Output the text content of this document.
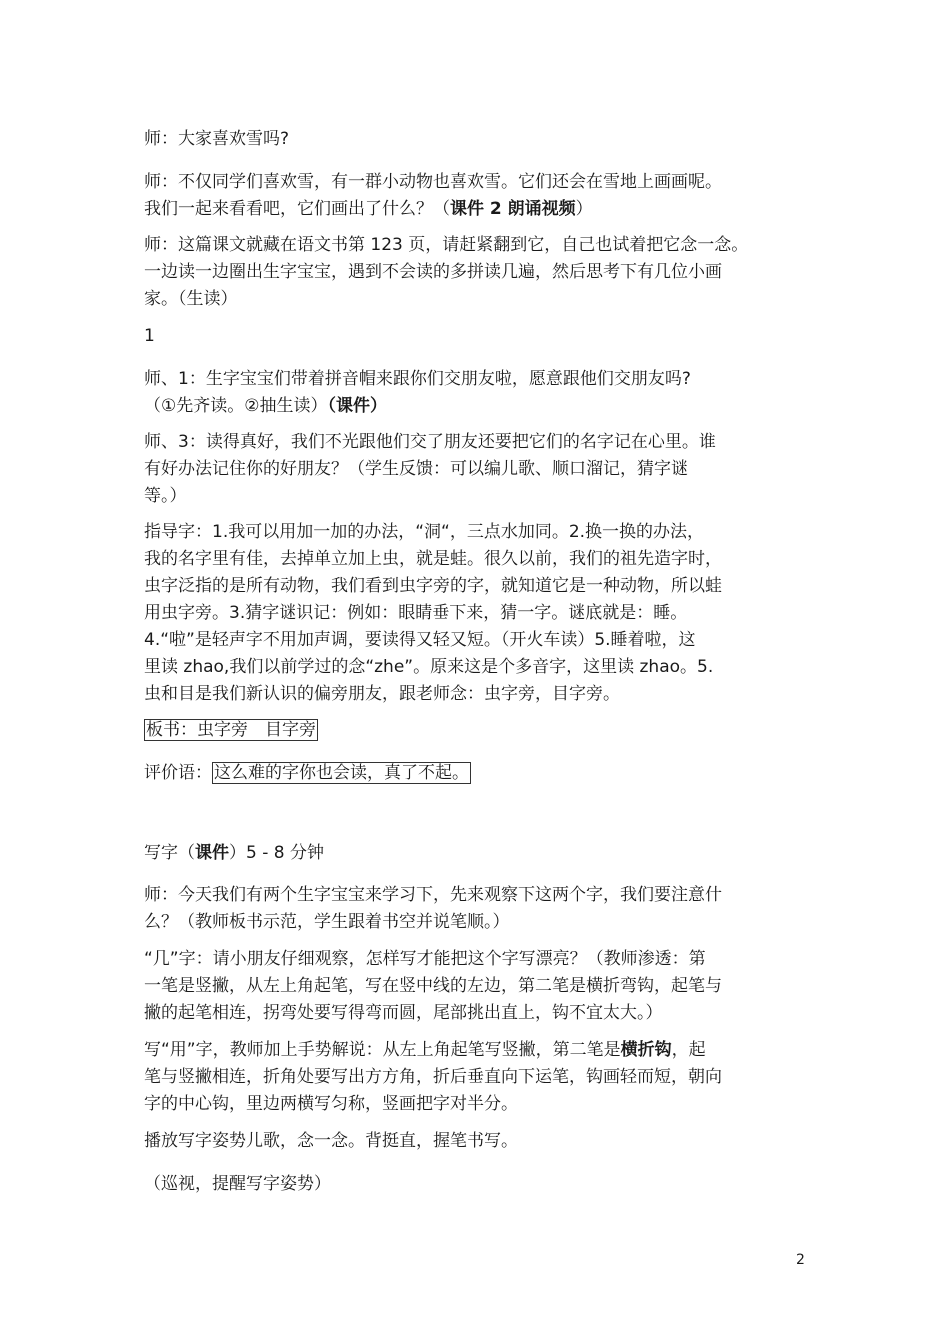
师：大家喜欢雪吗?

师：不仅同学们喜欢雪，有一群小动物也喜欢雪。它们还会在雪地上画画呢。
我们一起来看看吧，它们画出了什么？（课件 2 朗诵视频）

师：这篇课文就藏在语文书第 123 页，请赶紧翻到它，自己也试着把它念一念。
一边读一边圈出生字宝宝，遇到不会读的多拼读几遍，然后思考下有几位小画
家。（生读）

1

师、1：生字宝宝们带着拼音帽来跟你们交朋友啦，愿意跟他们交朋友吗?
（①先齐读。②抽生读）（课件）

师、3：读得真好，我们不光跟他们交了朋友还要把它们的名字记在心里。谁
有好办法记住你的好朋友？（学生反馈：可以编儿歌、顺口溜记，猜字谜
等。）

指导字：1.我可以用加一加的办法，“洞“，三点水加同。2.换一换的办法，
我的名字里有佳，去掉单立加上虫，就是蛙。很久以前，我们的祖先造字时，
虫字泛指的是所有动物，我们看到虫字旁的字，就知道它是一种动物，所以蛙
用虫字旁。3.猜字谜识记：例如：眼睛垂下来，猜一字。谜底就是：睡。
4.“啦”是轻声字不用加声调，要读得又轻又短。（开火车读）5.睡着啦，这
里读 zhao,我们以前学过的念“zhe”。原来这是个多音字，这里读 zhao。5.
虫和目是我们新认识的偏旁朋友，跟老师念：虫字旁，目字旁。

板书：虫字旁　目字旁

评价语： 这么难的字你也会读，真了不起。

写字（课件）5 - 8 分钟

师：今天我们有两个生字宝宝来学习下，先来观察下这两个字，我们要注意什
么？（教师板书示范，学生跟着书空并说笔顺。）

“几”字：请小朋友仔细观察，怎样写才能把这个字写漂亮？（教师渗透：第
一笔是竖撇，从左上角起笔，写在竖中线的左边，第二笔是横折弯钩，起笔与
撇的起笔相连，拐弯处要写得弯而圆，尾部挑出直上，钩不宜太大。）

写“用”字，教师加上手势解说：从左上角起笔写竖撇，第二笔是横折钩，起
笔与竖撇相连，折角处要写出方方角，折后垂直向下运笔，钩画轻而短，朝向
字的中心钩，里边两横写匀称，竖画把字对半分。

播放写字姿势儿歌，念一念。背挺直，握笔书写。

（巡视，提醒写字姿势）

2
